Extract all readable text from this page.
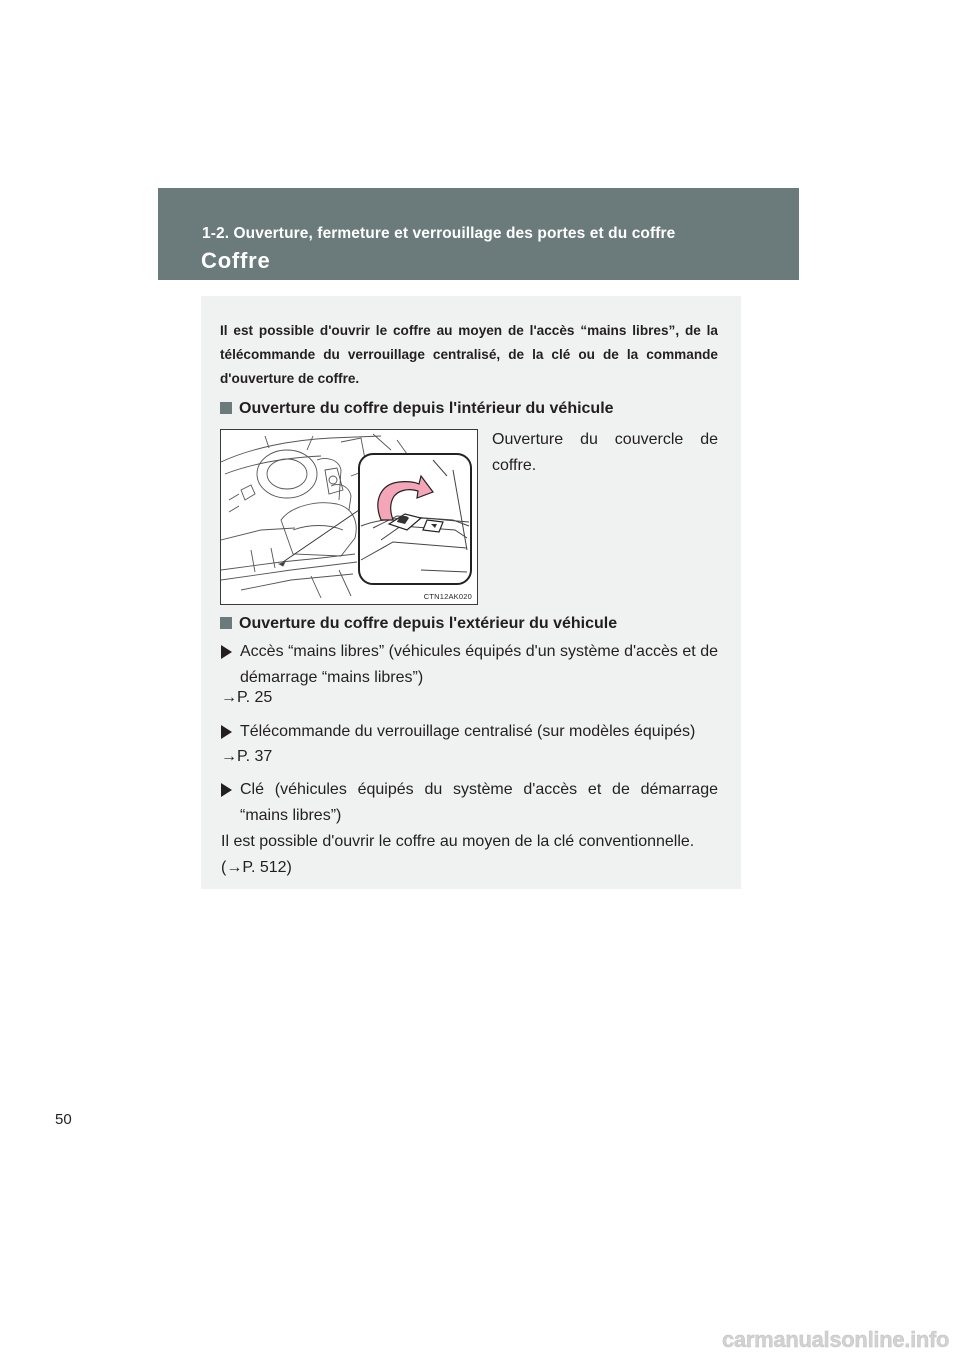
1-2. Ouverture, fermeture et verrouillage des portes et du coffre
Coffre
Il est possible d'ouvrir le coffre au moyen de l'accès “mains libres”, de la télécommande du verrouillage centralisé, de la clé ou de la commande d'ouverture de coffre.
Ouverture du coffre depuis l'intérieur du véhicule
CTN12AK020
Ouverture du couvercle de coffre.
Ouverture du coffre depuis l'extérieur du véhicule
Accès “mains libres” (véhicules équipés d'un système d'accès et de démarrage “mains libres”)
→P. 25
Télécommande du verrouillage centralisé (sur modèles équipés)
→P. 37
Clé (véhicules équipés du système d'accès et de démarrage “mains libres”)
Il est possible d'ouvrir le coffre au moyen de la clé conventionnelle.
(→P. 512)
50
carmanualsonline.info
